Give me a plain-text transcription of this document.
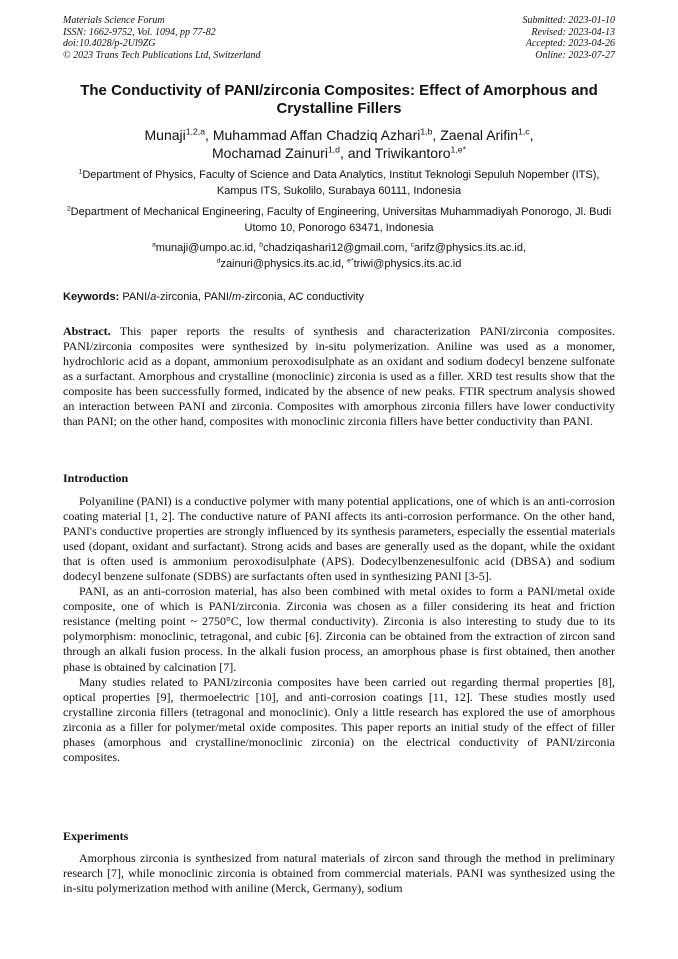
Materials Science Forum
ISSN: 1662-9752, Vol. 1094, pp 77-82
doi:10.4028/p-2Ul9ZG
© 2023 Trans Tech Publications Ltd, Switzerland
Submitted: 2023-01-10
Revised: 2023-04-13
Accepted: 2023-04-26
Online: 2023-07-27
The Conductivity of PANI/zirconia Composites: Effect of Amorphous and Crystalline Fillers
Munaji$^{1,2,a}$, Muhammad Affan Chadziq Azhari$^{1,b}$, Zaenal Arifin$^{1,c}$,
Mochamad Zainuri$^{1,d}$, and Triwikantoro$^{1,e*}$
$^1$Department of Physics, Faculty of Science and Data Analytics, Institut Teknologi Sepuluh Nopember (ITS), Kampus ITS, Sukolilo, Surabaya 60111, Indonesia
$^2$Department of Mechanical Engineering, Faculty of Engineering, Universitas Muhammadiyah Ponorogo, Jl. Budi Utomo 10, Ponorogo 63471, Indonesia
$^a$munaji@umpo.ac.id, $^b$chadziqashari12@gmail.com, $^c$arifz@physics.its.ac.id,
$^d$zainuri@physics.its.ac.id, $^{e*}$triwi@physics.its.ac.id
Keywords: PANI/a-zirconia, PANI/m-zirconia, AC conductivity

Abstract. This paper reports the results of synthesis and characterization PANI/zirconia composites. PANI/zirconia composites were synthesized by in-situ polymerization. Aniline was used as a monomer, hydrochloric acid as a dopant, ammonium peroxodisulphate as an oxidant and sodium dodecyl benzene sulfonate as a surfactant. Amorphous and crystalline (monoclinic) zirconia is used as a filler. XRD test results show that the composite has been successfully formed, indicated by the absence of new peaks. FTIR spectrum analysis showed an interaction between PANI and zirconia. Composites with amorphous zirconia fillers have lower conductivity than PANI; on the other hand, composites with monoclinic zirconia fillers have better conductivity than PANI.

Introduction

Polyaniline (PANI) is a conductive polymer with many potential applications, one of which is an anti-corrosion coating material [1, 2]. The conductive nature of PANI affects its anti-corrosion performance. On the other hand, PANI's conductive properties are strongly influenced by its synthesis parameters, especially the essential materials used (dopant, oxidant and surfactant). Strong acids and bases are generally used as the dopant, while the oxidant that is often used is ammonium peroxodisulphate (APS). Dodecylbenzenesulfonic acid (DBSA) and sodium dodecyl benzene sulfonate (SDBS) are surfactants often used in synthesizing PANI [3-5].

PANI, as an anti-corrosion material, has also been combined with metal oxides to form a PANI/metal oxide composite, one of which is PANI/zirconia. Zirconia was chosen as a filler considering its heat and friction resistance (melting point ~ 2750°C, low thermal conductivity). Zirconia is also interesting to study due to its polymorphism: monoclinic, tetragonal, and cubic [6]. Zirconia can be obtained from the extraction of zircon sand through an alkali fusion process. In the alkali fusion process, an amorphous phase is first obtained, then another phase is obtained by calcination [7].

Many studies related to PANI/zirconia composites have been carried out regarding thermal properties [8], optical properties [9], thermoelectric [10], and anti-corrosion coatings [11, 12]. These studies mostly used crystalline zirconia fillers (tetragonal and monoclinic). Only a little research has explored the use of amorphous zirconia as a filler for polymer/metal oxide composites. This paper reports an initial study of the effect of filler phases (amorphous and crystalline/monoclinic zirconia) on the electrical conductivity of PANI/zirconia composites.

Experiments

Amorphous zirconia is synthesized from natural materials of zircon sand through the method in preliminary research [7], while monoclinic zirconia is obtained from commercial materials. PANI was synthesized using the in-situ polymerization method with aniline (Merck, Germany), sodium
